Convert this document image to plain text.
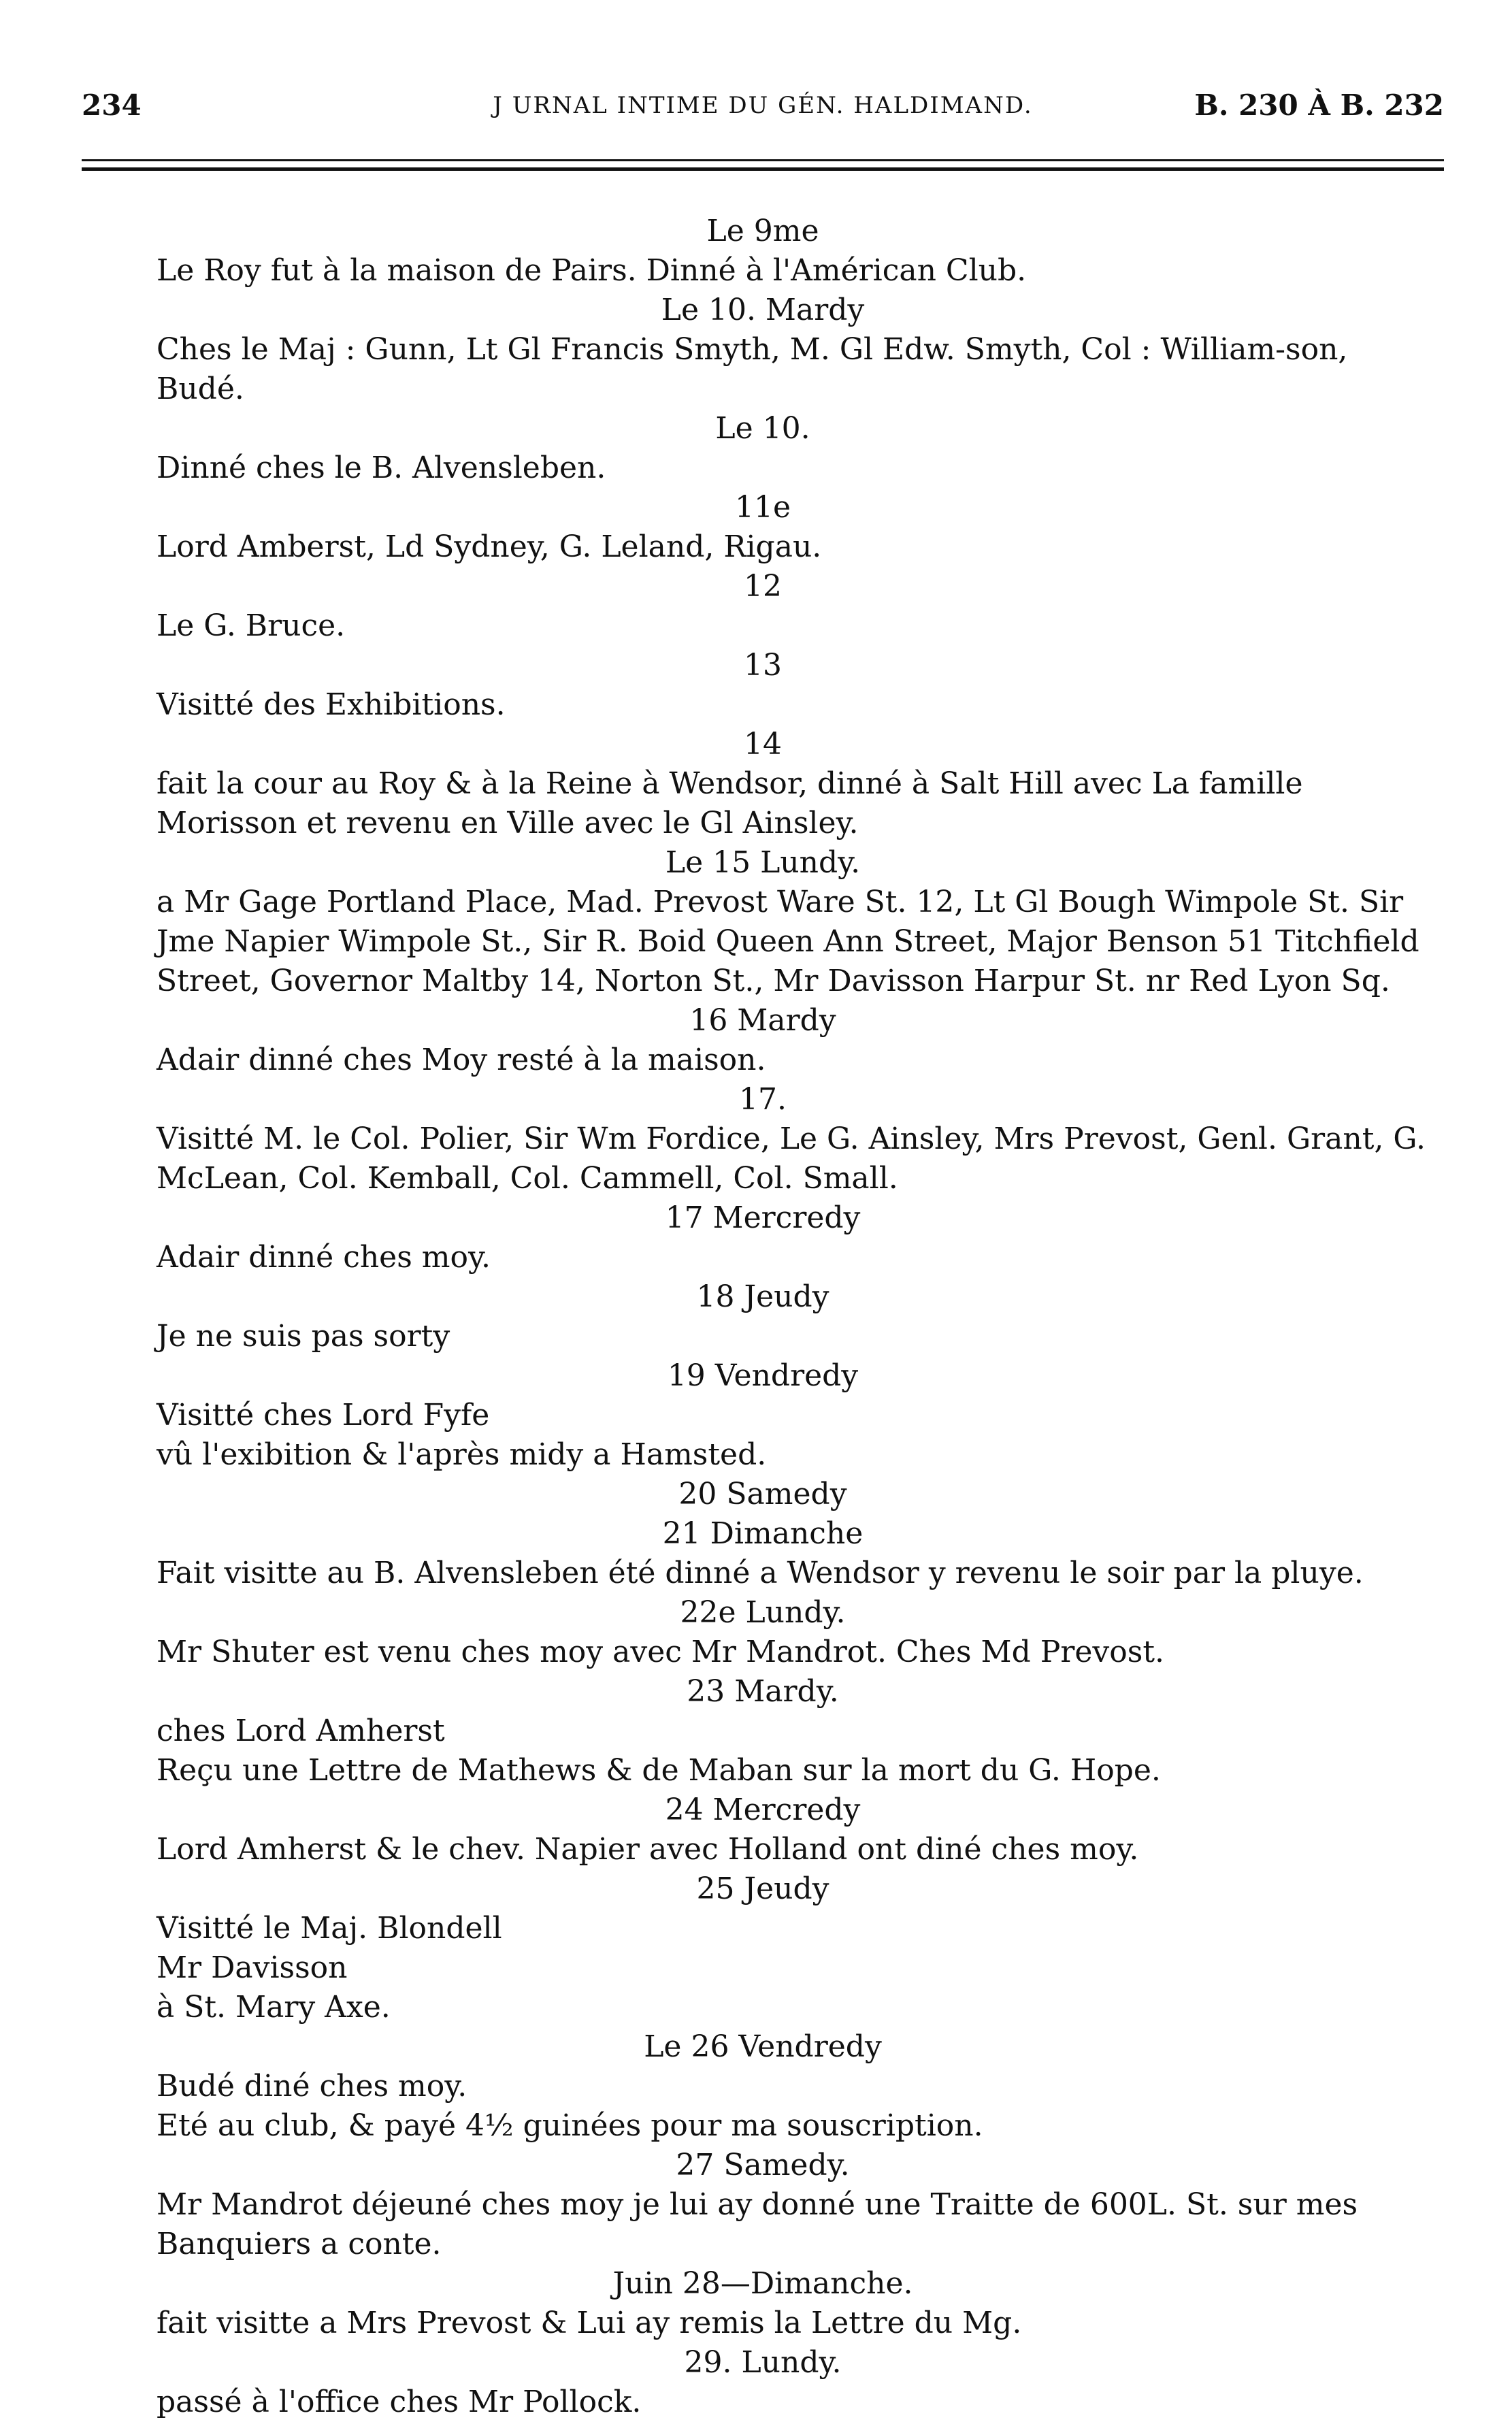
234	J URNAL INTIME DU GÉN. HALDIMAND.	B. 230 À B. 232

Le 9me

Le Roy fut à la maison de Pairs. Dinné à l'Américan Club.

Le 10. Mardy

Ches le Maj : Gunn, Lt Gl Francis Smyth, M. Gl Edw. Smyth, Col : William-son, Budé.

Le 10.

Dinné ches le B. Alvensleben.

11e

Lord Amberst, Ld Sydney, G. Leland, Rigau.

12

Le G. Bruce.

13

Visitté des Exhibitions.

14

fait la cour au Roy & à la Reine à Wendsor, dinné à Salt Hill avec La famille Morisson et revenu en Ville avec le Gl Ainsley.

Le 15 Lundy.

a Mr Gage Portland Place, Mad. Prevost Ware St. 12, Lt Gl Bough Wimpole St. Sir Jme Napier Wimpole St., Sir R. Boid Queen Ann Street, Major Benson 51 Titchfield Street, Governor Maltby 14, Norton St., Mr Davisson Harpur St. nr Red Lyon Sq.

16 Mardy

Adair dinné ches Moy resté à la maison.

17.

Visitté M. le Col. Polier, Sir Wm Fordice, Le G. Ainsley, Mrs Prevost, Genl. Grant, G. McLean, Col. Kemball, Col. Cammell, Col. Small.

17 Mercredy

Adair dinné ches moy.

18 Jeudy

Je ne suis pas sorty

19 Vendredy

Visitté ches Lord Fyfe

vû l'exibition & l'après midy a Hamsted.

20 Samedy

21 Dimanche

Fait visitte au B. Alvensleben été dinné a Wendsor y revenu le soir par la pluye.

22e Lundy.

Mr Shuter est venu ches moy avec Mr Mandrot. Ches Md Prevost.

23 Mardy.

ches Lord Amherst

Reçu une Lettre de Mathews & de Maban sur la mort du G. Hope.

24 Mercredy

Lord Amherst & le chev. Napier avec Holland ont diné ches moy.

25 Jeudy

Visitté le Maj. Blondell

Mr Davisson

à St. Mary Axe.

Le 26 Vendredy

Budé diné ches moy.

Eté au club, & payé 4½ guinées pour ma souscription.

27 Samedy.

Mr Mandrot déjeuné ches moy je lui ay donné une Traitte de 600L. St. sur mes Banquiers a conte.

Juin 28—Dimanche.

fait visitte a Mrs Prevost & Lui ay remis la Lettre du Mg.

29. Lundy.

passé à l'office ches Mr Pollock.
